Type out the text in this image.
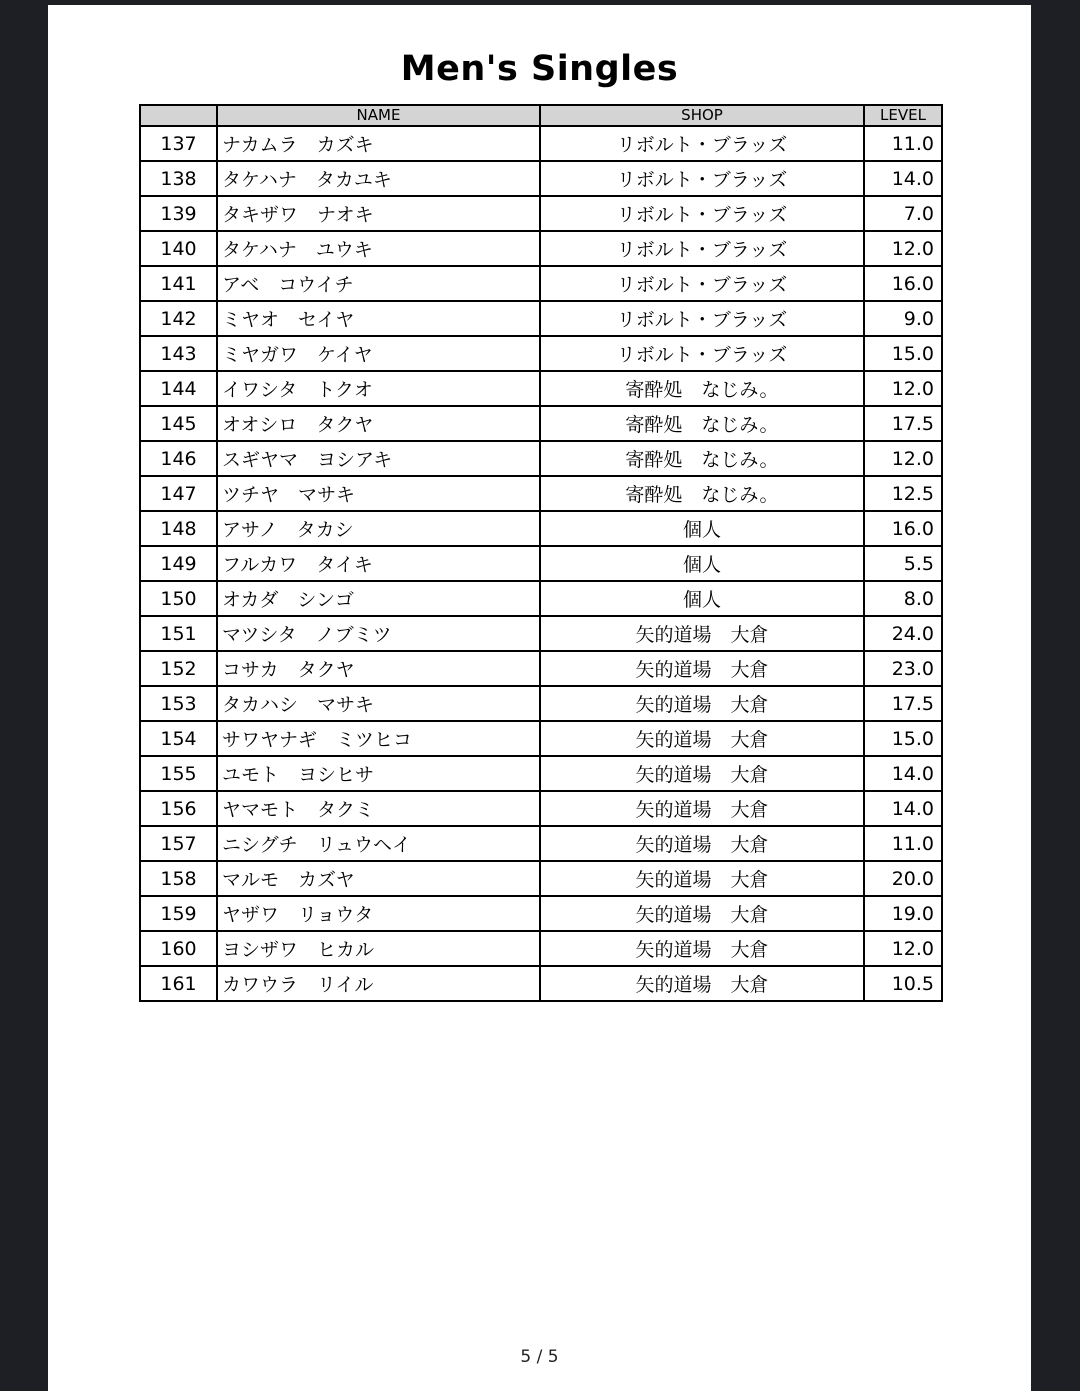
Men's Singles
	NAME	SHOP	LEVEL
137	ナカムラ　カズキ	リボルト・ブラッズ	11.0
138	タケハナ　タカユキ	リボルト・ブラッズ	14.0
139	タキザワ　ナオキ	リボルト・ブラッズ	7.0
140	タケハナ　ユウキ	リボルト・ブラッズ	12.0
141	アベ　コウイチ	リボルト・ブラッズ	16.0
142	ミヤオ　セイヤ	リボルト・ブラッズ	9.0
143	ミヤガワ　ケイヤ	リボルト・ブラッズ	15.0
144	イワシタ　トクオ	寄酔処　なじみ。	12.0
145	オオシロ　タクヤ	寄酔処　なじみ。	17.5
146	スギヤマ　ヨシアキ	寄酔処　なじみ。	12.0
147	ツチヤ　マサキ	寄酔処　なじみ。	12.5
148	アサノ　タカシ	個人	16.0
149	フルカワ　タイキ	個人	5.5
150	オカダ　シンゴ	個人	8.0
151	マツシタ　ノブミツ	矢的道場　大倉	24.0
152	コサカ　タクヤ	矢的道場　大倉	23.0
153	タカハシ　マサキ	矢的道場　大倉	17.5
154	サワヤナギ　ミツヒコ	矢的道場　大倉	15.0
155	ユモト　ヨシヒサ	矢的道場　大倉	14.0
156	ヤマモト　タクミ	矢的道場　大倉	14.0
157	ニシグチ　リュウヘイ	矢的道場　大倉	11.0
158	マルモ　カズヤ	矢的道場　大倉	20.0
159	ヤザワ　リョウタ	矢的道場　大倉	19.0
160	ヨシザワ　ヒカル	矢的道場　大倉	12.0
161	カワウラ　リイル	矢的道場　大倉	10.5
5 / 5
